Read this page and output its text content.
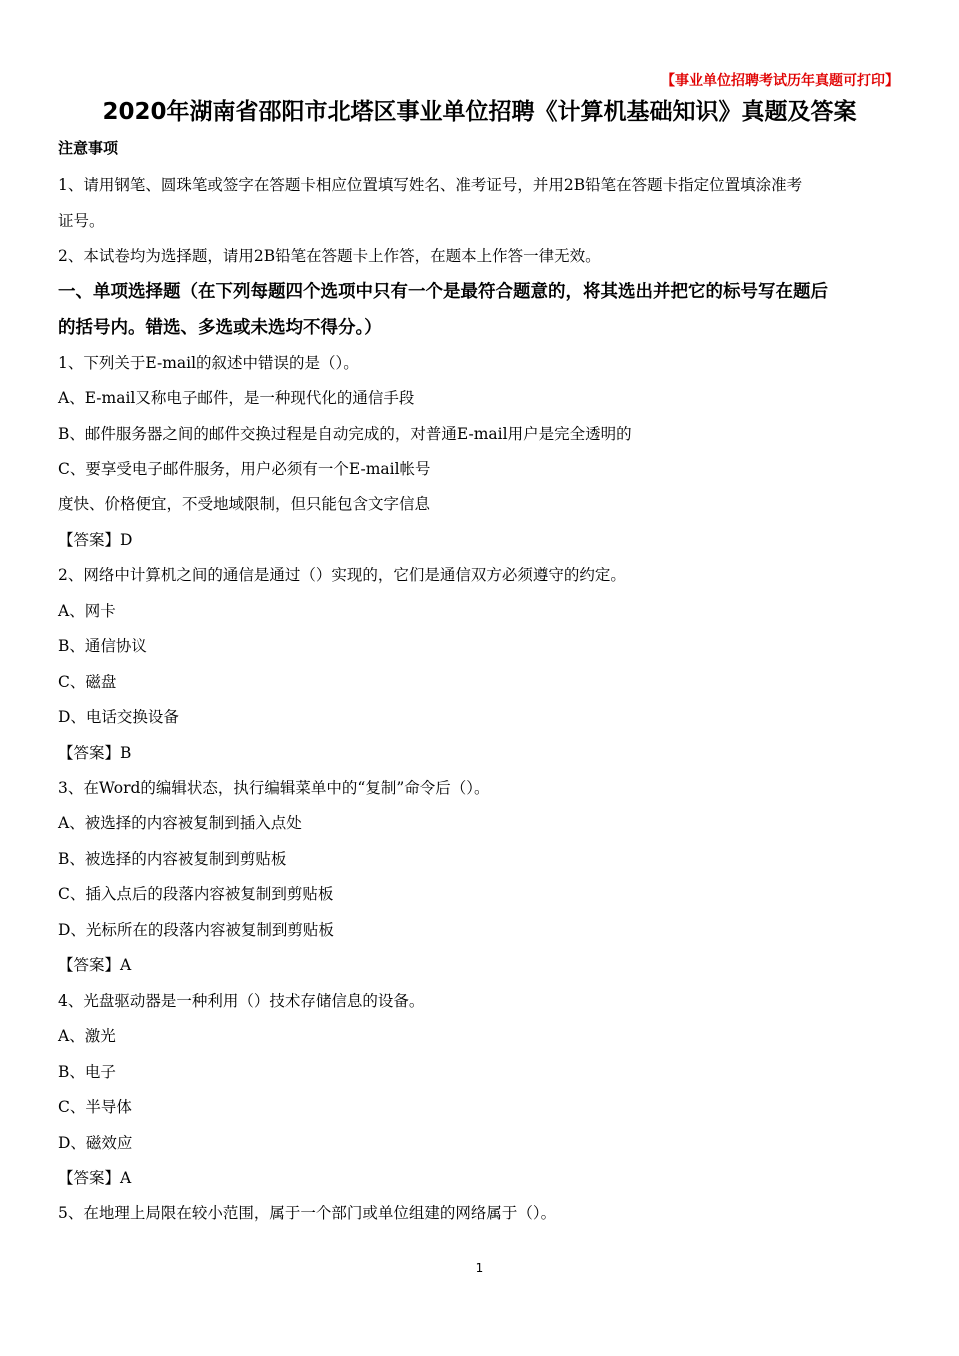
【事业单位招聘考试历年真题可打印】
2020年湖南省邵阳市北塔区事业单位招聘《计算机基础知识》真题及答案
注意事项
1、请用钢笔、圆珠笔或签字在答题卡相应位置填写姓名、准考证号，并用2B铅笔在答题卡指定位置填涂准考
证号。
2、本试卷均为选择题，请用2B铅笔在答题卡上作答，在题本上作答一律无效。
一、单项选择题（在下列每题四个选项中只有一个是最符合题意的，将其选出并把它的标号写在题后
的括号内。错选、多选或未选均不得分。）
1、下列关于E-mail的叙述中错误的是（）。
A、E-mail又称电子邮件，是一种现代化的通信手段
B、邮件服务器之间的邮件交换过程是自动完成的，对普通E-mail用户是完全透明的
C、要享受电子邮件服务，用户必须有一个E-mail帐号
度快、价格便宜，不受地域限制，但只能包含文字信息
【答案】D
2、网络中计算机之间的通信是通过（）实现的，它们是通信双方必须遵守的约定。
A、网卡
B、通信协议
C、磁盘
D、电话交换设备
【答案】B
3、在Word的编辑状态，执行编辑菜单中的“复制”命令后（）。
A、被选择的内容被复制到插入点处
B、被选择的内容被复制到剪贴板
C、插入点后的段落内容被复制到剪贴板
D、光标所在的段落内容被复制到剪贴板
【答案】A
4、光盘驱动器是一种利用（）技术存储信息的设备。
A、激光
B、电子
C、半导体
D、磁效应
【答案】A
5、在地理上局限在较小范围，属于一个部门或单位组建的网络属于（）。
1
